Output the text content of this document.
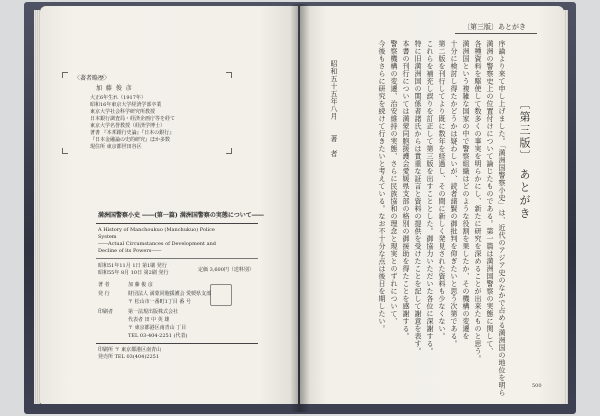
〈著者略歴〉
加 藤 俊 彦
大正6年生れ（1917年）
昭和16年東京大学経済学部卒業
東京大学社会科学研究所教授
日本銀行調査局・経済企画庁等を経て
東京大学名誉教授（経済学博士）
著書 『本邦銀行史論』『日本の銀行』
『日本金融論の史的研究』ほか多数
現住所 東京都世田谷区
満洲国警察小史 ――(第一篇) 満洲国警察の実態について――
A History of Manchoukuo (Manchukuo) Police
System
――Actual Circumstances of Development and
Decline of its Powers――
昭和51年11月 1日 第1刷 発行
昭和55年 8月 10日 第2刷 発行	定価 3,600円（送料別）
著 者	加 藤 俊 彦
発 行	財団法人 満蒙同胞援護会 愛媛県支部
〒 松山市一番町1丁目 番 号
印刷者	第一法規出版株式会社
代表者 田 中 英 雄
〒 東京都港区南青山 丁目
TEL 03-404-2251 (代表)
印刷所 〒 東京都港区南青山
発売所 TEL 03(404)2251
〔第三版〕あとがき
〔第三版〕 あとがき
序論より来て申し上げました。「満洲国警察小史」は、近代のアジア史のなかで占める満洲国の地位を明ら
満洲の警察史上の位置付けについて論じたものである。第一篇は満洲国警察の実態に関して、
各種資料を駆使して数多くの事実を明らかにし、新たに研究を深めることが出来たものと思う。
満洲国という複雑な国家の中で警察組織はどのような役割を果したか、その機構の変遷を
十分に検討し得たかどうかは疑わしいが、読者諸賢の御批判を仰ぎたいと思う次第である。
第二版を刊行してより既に数年を経過し、その間に新しく発見された資料も少なくない。
これらを補充し誤りを訂正して第三版を出すこととした。御協力いただいた各位に深謝する。
特に旧満洲国の関係者諸氏からは貴重な証言と資料の提供を受けたことを記して謝意を表す。
本書の刊行については満蒙同胞援護会愛媛県支部の格別の御援助を得たことを感謝する。
警察機構の変遷、治安維持の実態、さらに民族協和の理念と現実とのずれについて、
今後もさらに研究を続けて行きたいと考えている。なお不十分な点は後日を期したい。
昭和五十五年八月　　著　者
500
